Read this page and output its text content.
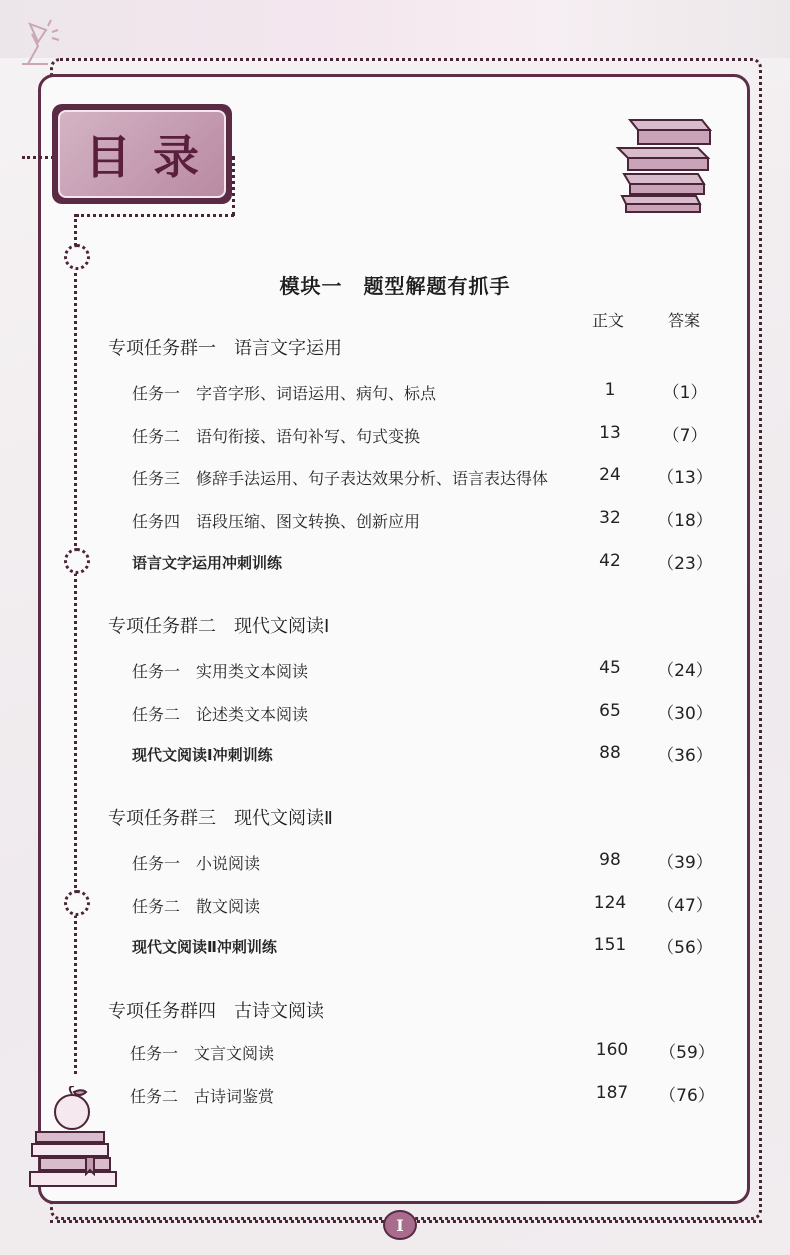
目录
模块一　题型解题有抓手
正文	答案
专项任务群一　语言文字运用
任务一　字音字形、词语运用、病句、标点	1	（1）
任务二　语句衔接、语句补写、句式变换	13	（7）
任务三　修辞手法运用、句子表达效果分析、语言表达得体	24	（13）
任务四　语段压缩、图文转换、创新应用	32	（18）
语言文字运用冲刺训练	42	（23）
专项任务群二　现代文阅读Ⅰ
任务一　实用类文本阅读	45	（24）
任务二　论述类文本阅读	65	（30）
现代文阅读Ⅰ冲刺训练	88	（36）
专项任务群三　现代文阅读Ⅱ
任务一　小说阅读	98	（39）
任务二　散文阅读	124	（47）
现代文阅读Ⅱ冲刺训练	151	（56）
专项任务群四　古诗文阅读
任务一　文言文阅读	160	（59）
任务二　古诗词鉴赏	187	（76）
I
